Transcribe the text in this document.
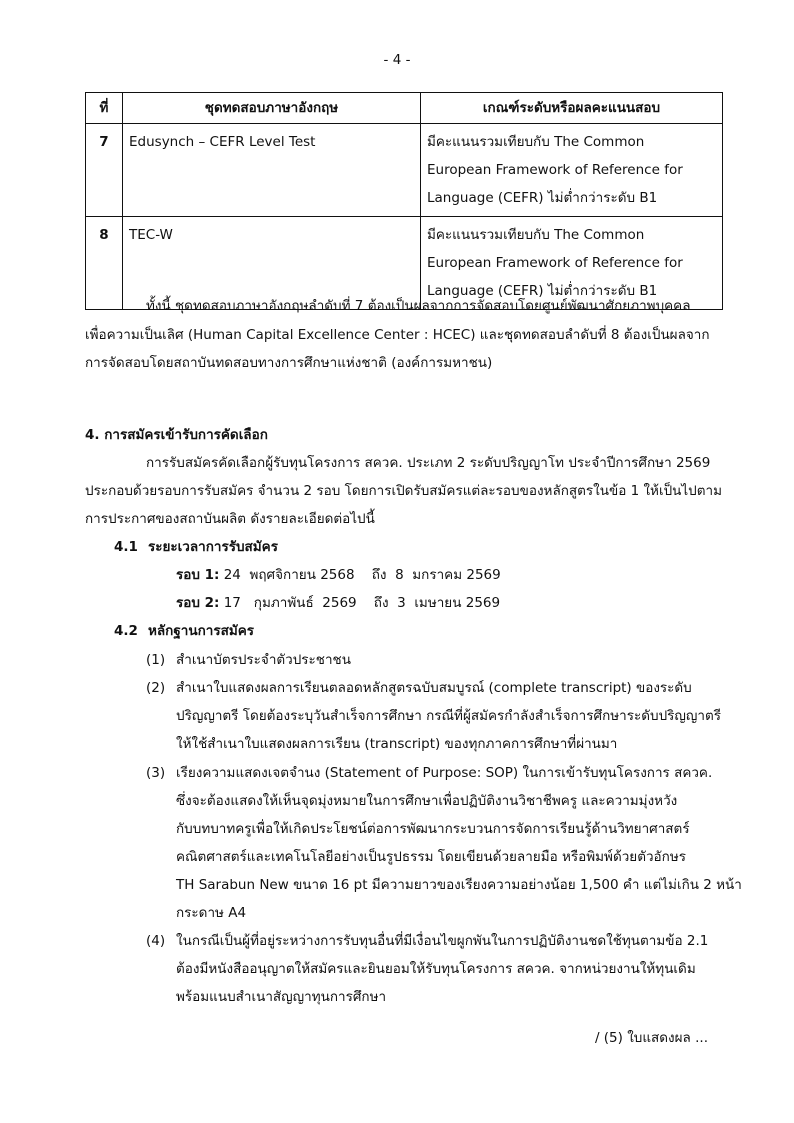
- 4 -
ที่	ชุดทดสอบภาษาอังกฤษ	เกณฑ์ระดับหรือผลคะแนนสอบ
7	Edusynch – CEFR Level Test	มีคะแนนรวมเทียบกับ The Common
European Framework of Reference for
Language (CEFR) ไม่ต่ำกว่าระดับ B1

8	TEC-W	มีคะแนนรวมเทียบกับ The Common
European Framework of Reference for
Language (CEFR) ไม่ต่ำกว่าระดับ B1
ทั้งนี้ ชุดทดสอบภาษาอังกฤษลำดับที่ 7 ต้องเป็นผลจากการจัดสอบโดยศูนย์พัฒนาศักยภาพบุคคล
เพื่อความเป็นเลิศ (Human Capital Excellence Center : HCEC) และชุดทดสอบลำดับที่ 8 ต้องเป็นผลจาก
การจัดสอบโดยสถาบันทดสอบทางการศึกษาแห่งชาติ (องค์การมหาชน)
4. การสมัครเข้ารับการคัดเลือก
การรับสมัครคัดเลือกผู้รับทุนโครงการ สควค. ประเภท 2 ระดับปริญญาโท ประจำปีการศึกษา 2569
ประกอบด้วยรอบการรับสมัคร จำนวน 2 รอบ โดยการเปิดรับสมัครแต่ละรอบของหลักสูตรในข้อ 1 ให้เป็นไปตาม
การประกาศของสถาบันผลิต ดังรายละเอียดต่อไปนี้
4.1 ระยะเวลาการรับสมัคร
รอบ 1: 24  พฤศจิกายน 2568    ถึง  8  มกราคม 2569
รอบ 2: 17   กุมภาพันธ์  2569    ถึง  3  เมษายน 2569
4.2 หลักฐานการสมัคร
(1) สำเนาบัตรประจำตัวประชาชน
(2) สำเนาใบแสดงผลการเรียนตลอดหลักสูตรฉบับสมบูรณ์ (complete transcript) ของระดับ
ปริญญาตรี โดยต้องระบุวันสำเร็จการศึกษา กรณีที่ผู้สมัครกำลังสำเร็จการศึกษาระดับปริญญาตรี
ให้ใช้สำเนาใบแสดงผลการเรียน (transcript) ของทุกภาคการศึกษาที่ผ่านมา
(3) เรียงความแสดงเจตจำนง (Statement of Purpose: SOP) ในการเข้ารับทุนโครงการ สควค.
ซึ่งจะต้องแสดงให้เห็นจุดมุ่งหมายในการศึกษาเพื่อปฏิบัติงานวิชาชีพครู และความมุ่งหวัง
กับบทบาทครูเพื่อให้เกิดประโยชน์ต่อการพัฒนากระบวนการจัดการเรียนรู้ด้านวิทยาศาสตร์
คณิตศาสตร์และเทคโนโลยีอย่างเป็นรูปธรรม โดยเขียนด้วยลายมือ หรือพิมพ์ด้วยตัวอักษร
TH Sarabun New ขนาด 16 pt มีความยาวของเรียงความอย่างน้อย 1,500 คำ แต่ไม่เกิน 2 หน้า
กระดาษ A4
(4) ในกรณีเป็นผู้ที่อยู่ระหว่างการรับทุนอื่นที่มีเงื่อนไขผูกพันในการปฏิบัติงานชดใช้ทุนตามข้อ 2.1
ต้องมีหนังสืออนุญาตให้สมัครและยินยอมให้รับทุนโครงการ สควค. จากหน่วยงานให้ทุนเดิม
พร้อมแนบสำเนาสัญญาทุนการศึกษา
/ (5) ใบแสดงผล ...
